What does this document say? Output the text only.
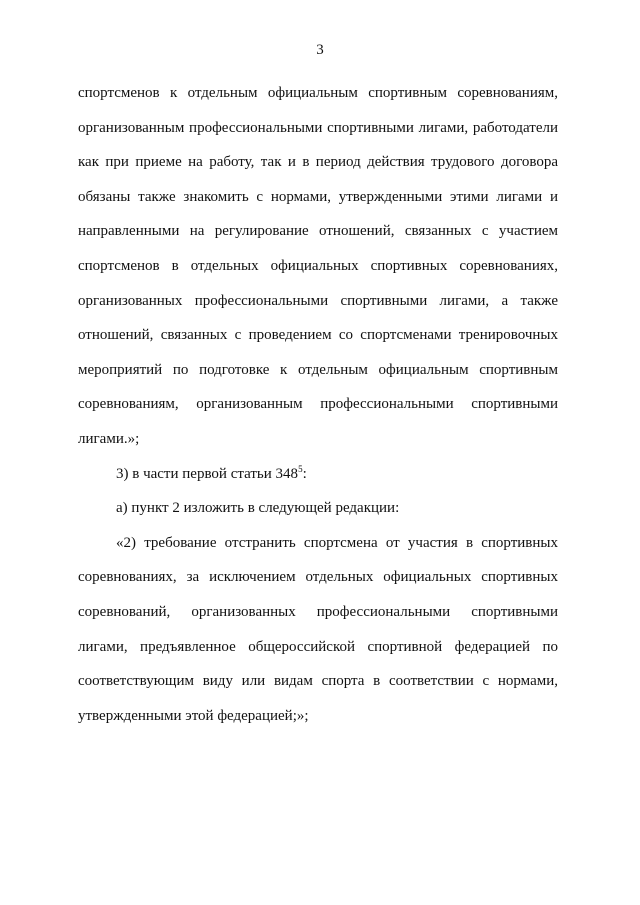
3

спортсменов к отдельным официальным спортивным соревнованиям, организованным профессиональными спортивными лигами, работодатели как при приеме на работу, так и в период действия трудового договора обязаны также знакомить с нормами, утвержденными этими лигами и направленными на регулирование отношений, связанных с участием спортсменов в отдельных официальных спортивных соревнованиях, организованных профессиональными спортивными лигами, а также отношений, связанных с проведением со спортсменами тренировочных мероприятий по подготовке к отдельным официальным спортивным соревнованиям, организованным профессиональными спортивными лигами.»;

3) в части первой статьи $348^5$:

а) пункт 2 изложить в следующей редакции:

«2) требование отстранить спортсмена от участия в спортивных соревнованиях, за исключением отдельных официальных спортивных соревнований, организованных профессиональными спортивными лигами, предъявленное общероссийской спортивной федерацией по соответствующим виду или видам спорта в соответствии с нормами, утвержденными этой федерацией;»;
